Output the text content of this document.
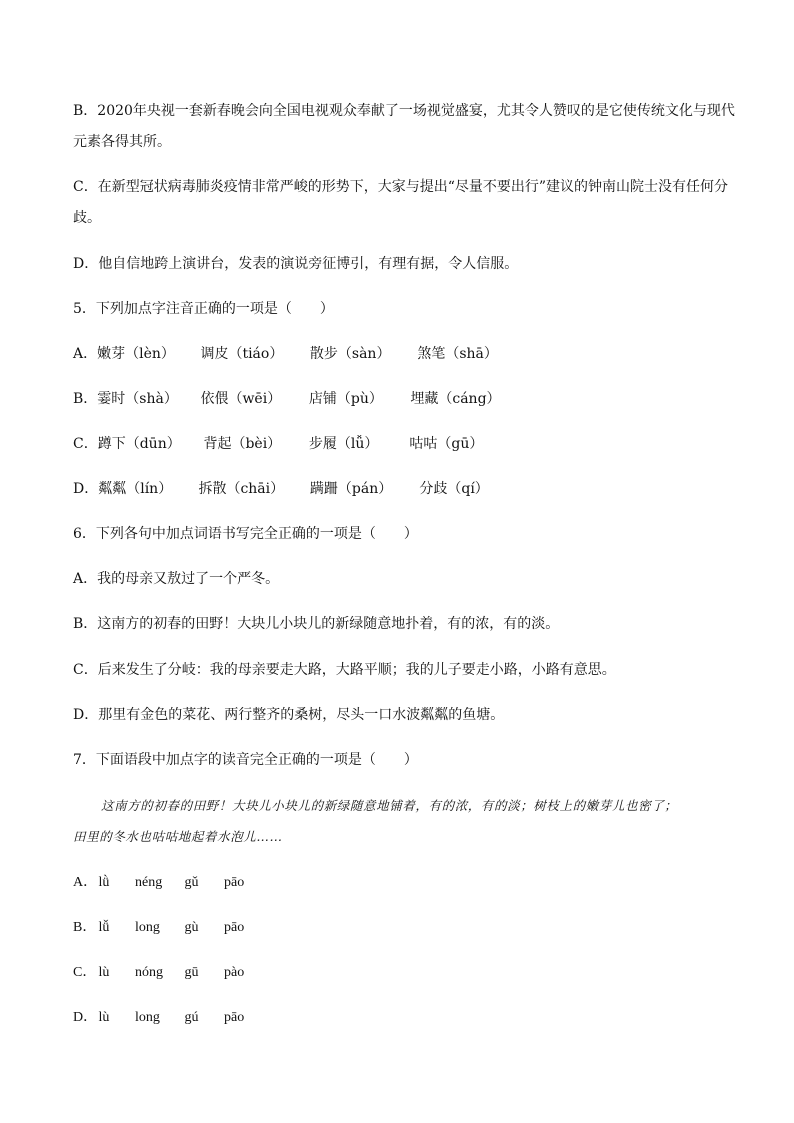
B．2020年央视一套新春晚会向全国电视观众奉献了一场视觉盛宴，尤其令人赞叹的是它使传统文化与现代
元素各得其所。
C．在新型冠状病毒肺炎疫情非常严峻的形势下，大家与提出“尽量不要出行”建议的钟南山院士没有任何分
歧。
D．他自信地跨上演讲台，发表的演说旁征博引，有理有据，令人信服。
5．下列加点字注音正确的一项是（　　）
A．嫩芽（lèn） 调皮（tiáo） 散步（sàn） 煞笔（shā）
B．霎时（shà） 依偎（wēi） 店铺（pù） 埋藏（cáng）
C．蹲下（dūn） 背起（bèi） 步履（lǚ） 咕咕（gū）
D．粼粼（lín） 拆散（chāi） 蹒跚（pán） 分歧（qí）
6．下列各句中加点词语书写完全正确的一项是（　　）
A．我的母亲又敖过了一个严冬。
B．这南方的初春的田野！大块儿小块儿的新绿随意地扑着，有的浓，有的淡。
C．后来发生了分岐：我的母亲要走大路，大路平顺；我的儿子要走小路，小路有意思。
D．那里有金色的菜花、两行整齐的桑树，尽头一口水波粼粼的鱼塘。
7．下面语段中加点字的读音完全正确的一项是（　　）
这南方的初春的田野！大块儿小块儿的新绿随意地铺着，有的浓，有的淡；树枝上的嫩芽儿也密了；
田里的冬水也咕咕地起着水泡儿……
A． lǜ néng gǔ pāo
B． lǚ long gù pāo
C． lù nóng gū pào
D． lù long gú pāo
